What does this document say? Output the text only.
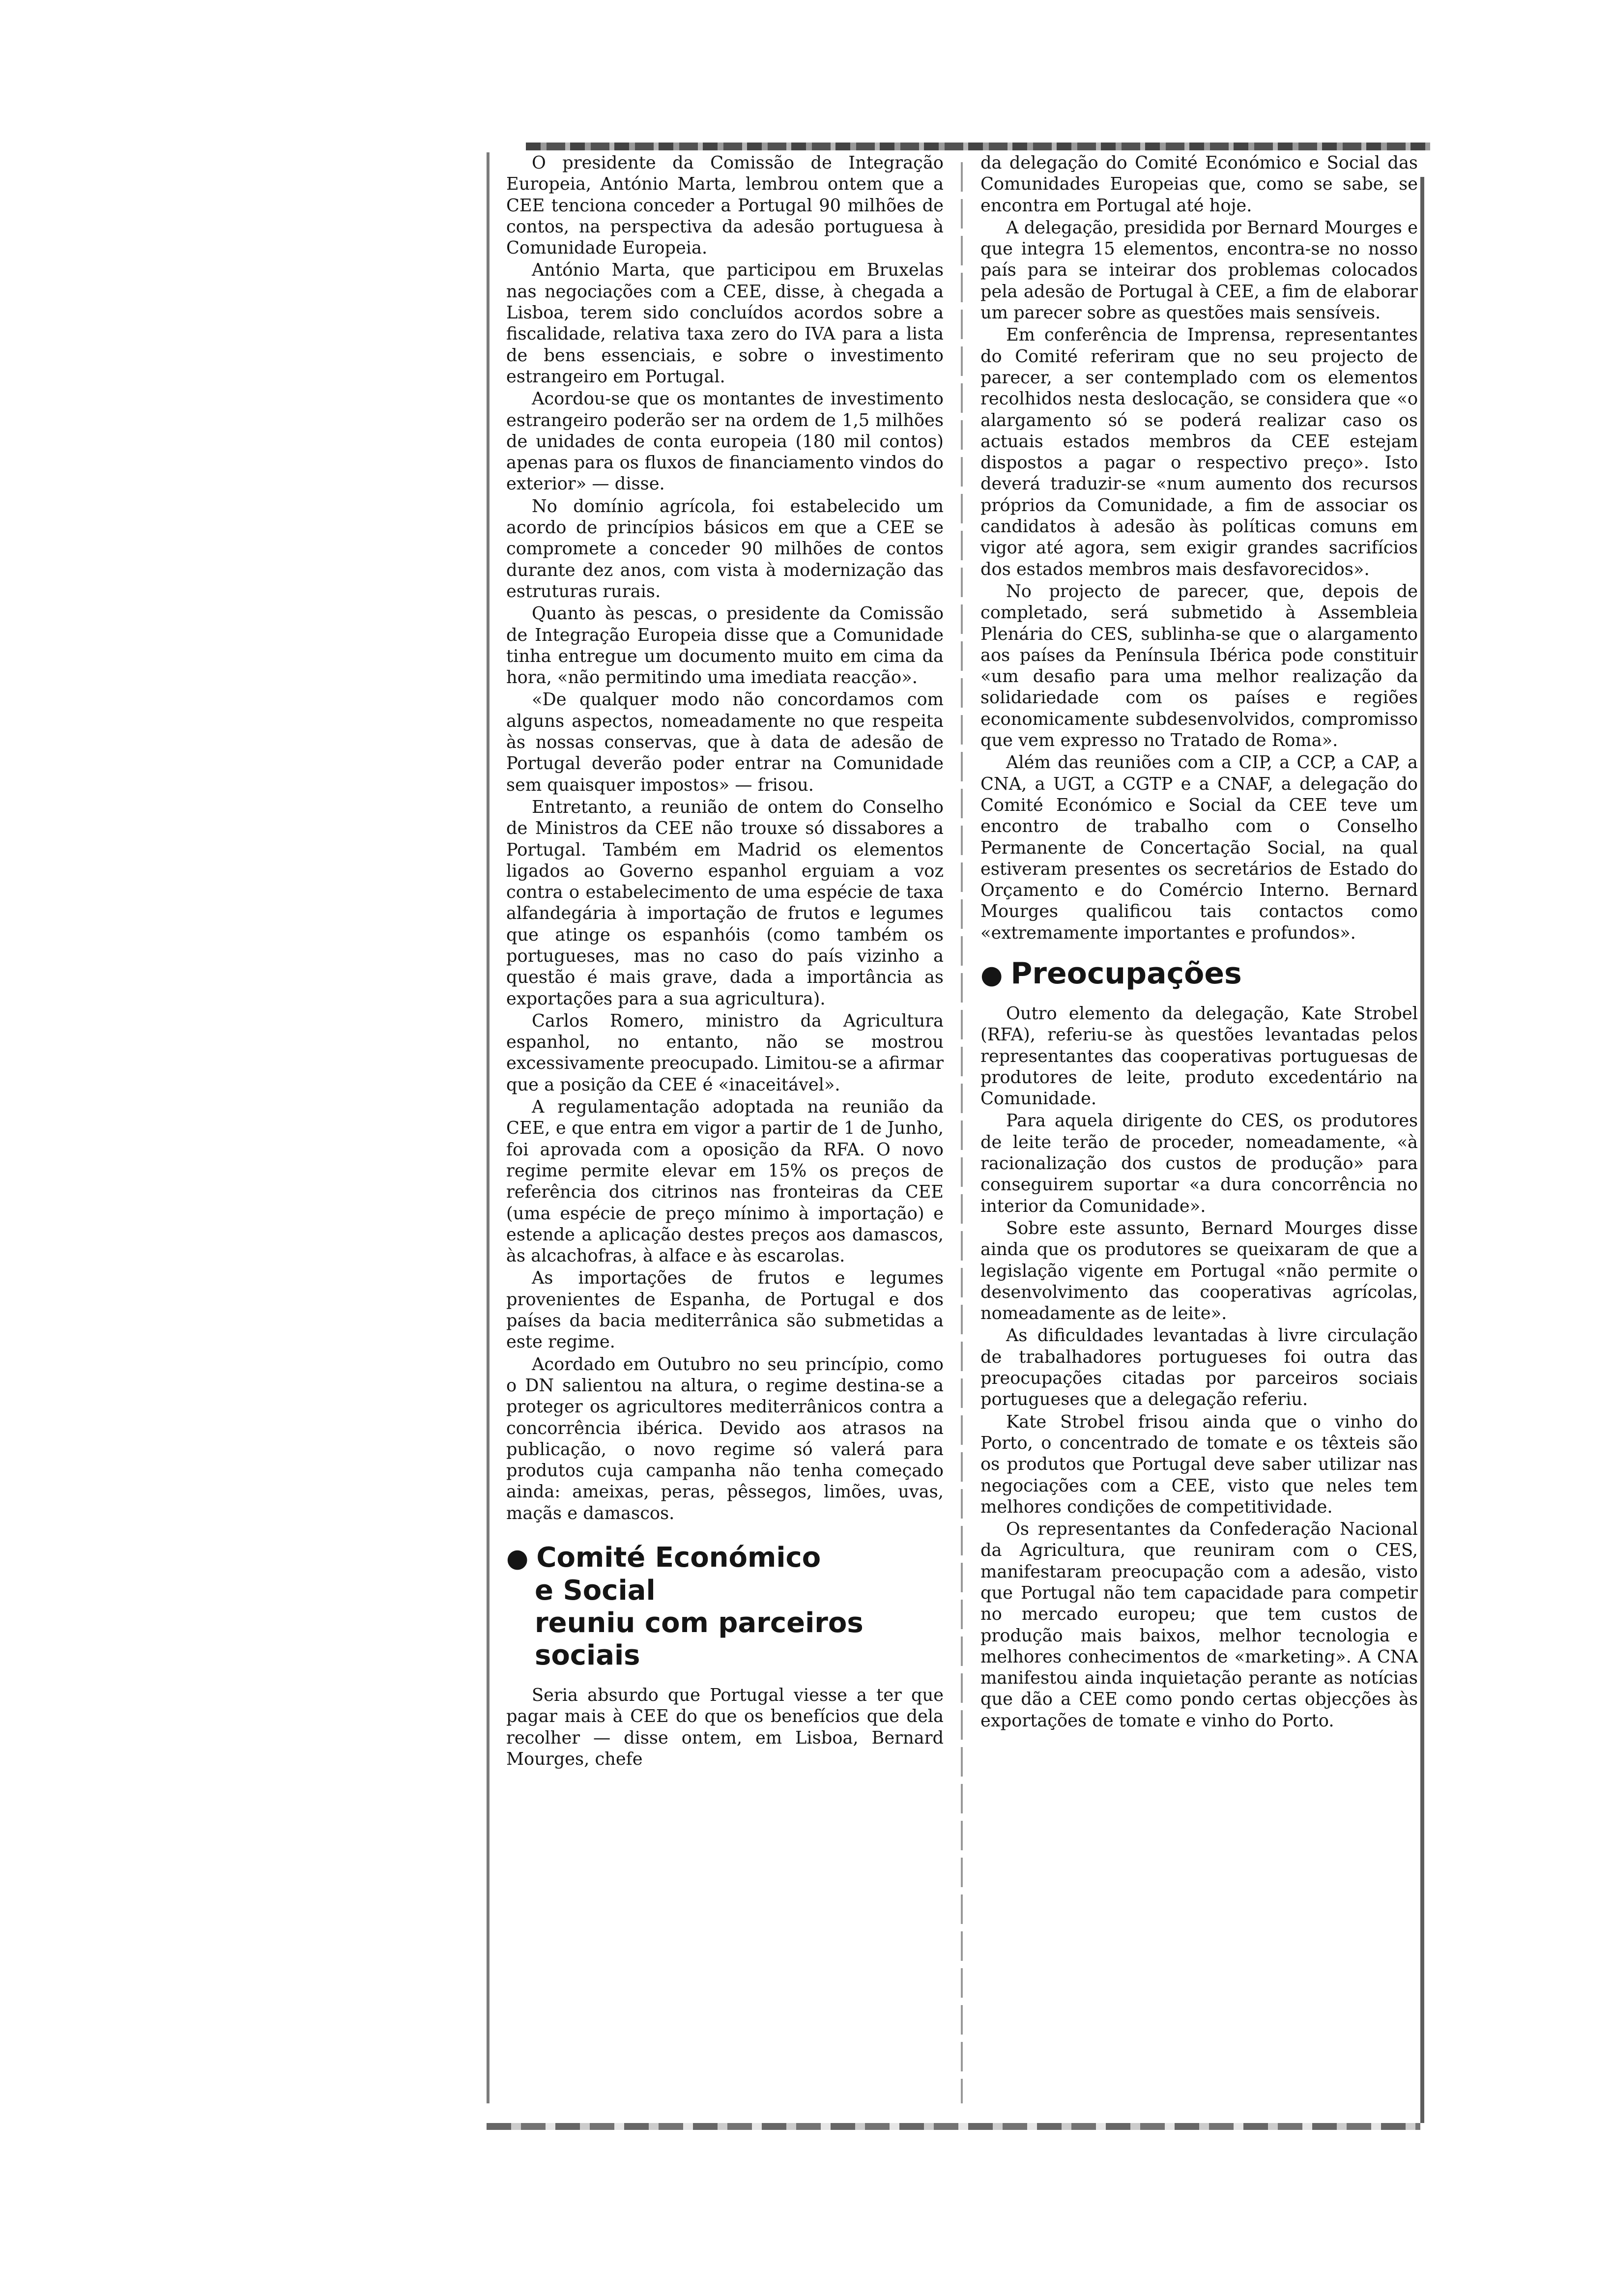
O presidente da Comissão de Integração Europeia, António Marta, lembrou ontem que a CEE tenciona conceder a Portugal 90 milhões de contos, na perspectiva da adesão portuguesa à Comunidade Europeia.

António Marta, que participou em Bruxelas nas negociações com a CEE, disse, à chegada a Lisboa, terem sido concluídos acordos sobre a fiscalidade, relativa taxa zero do IVA para a lista de bens essenciais, e sobre o investimento estrangeiro em Portugal.

Acordou-se que os montantes de investimento estrangeiro poderão ser na ordem de 1,5 milhões de unidades de conta europeia (180 mil contos) apenas para os fluxos de financiamento vindos do exterior» — disse.

No domínio agrícola, foi estabelecido um acordo de princípios básicos em que a CEE se compromete a conceder 90 milhões de contos durante dez anos, com vista à modernização das estruturas rurais.

Quanto às pescas, o presidente da Comissão de Integração Europeia disse que a Comunidade tinha entregue um documento muito em cima da hora, «não permitindo uma imediata reacção».

«De qualquer modo não concordamos com alguns aspectos, nomeadamente no que respeita às nossas conservas, que à data de adesão de Portugal deverão poder entrar na Comunidade sem quaisquer impostos» — frisou.

Entretanto, a reunião de ontem do Conselho de Ministros da CEE não trouxe só dissabores a Portugal. Também em Madrid os elementos ligados ao Governo espanhol erguiam a voz contra o estabelecimento de uma espécie de taxa alfandegária à importação de frutos e legumes que atinge os espanhóis (como também os portugueses, mas no caso do país vizinho a questão é mais grave, dada a importância as exportações para a sua agricultura).

Carlos Romero, ministro da Agricultura espanhol, no entanto, não se mostrou excessivamente preocupado. Limitou-se a afirmar que a posição da CEE é «inaceitável».

A regulamentação adoptada na reunião da CEE, e que entra em vigor a partir de 1 de Junho, foi aprovada com a oposição da RFA. O novo regime permite elevar em 15% os preços de referência dos citrinos nas fronteiras da CEE (uma espécie de preço mínimo à importação) e estende a aplicação destes preços aos damascos, às alcachofras, à alface e às escarolas.

As importações de frutos e legumes provenientes de Espanha, de Portugal e dos países da bacia mediterrânica são submetidas a este regime.

Acordado em Outubro no seu princípio, como o DN salientou na altura, o regime destina-se a proteger os agricultores mediterrânicos contra a concorrência ibérica. Devido aos atrasos na publicação, o novo regime só valerá para produtos cuja campanha não tenha começado ainda: ameixas, peras, pêssegos, limões, uvas, maçãs e damascos.

● Comité Económico
e Social
reuniu com parceiros
sociais

Seria absurdo que Portugal viesse a ter que pagar mais à CEE do que os benefícios que dela recolher — disse ontem, em Lisboa, Bernard Mourges, chefe

da delegação do Comité Económico e Social das Comunidades Europeias que, como se sabe, se encontra em Portugal até hoje.

A delegação, presidida por Bernard Mourges e que integra 15 elementos, encontra-se no nosso país para se inteirar dos problemas colocados pela adesão de Portugal à CEE, a fim de elaborar um parecer sobre as questões mais sensíveis.

Em conferência de Imprensa, representantes do Comité referiram que no seu projecto de parecer, a ser contemplado com os elementos recolhidos nesta deslocação, se considera que «o alargamento só se poderá realizar caso os actuais estados membros da CEE estejam dispostos a pagar o respectivo preço». Isto deverá traduzir-se «num aumento dos recursos próprios da Comunidade, a fim de associar os candidatos à adesão às políticas comuns em vigor até agora, sem exigir grandes sacrifícios dos estados membros mais desfavorecidos».

No projecto de parecer, que, depois de completado, será submetido à Assembleia Plenária do CES, sublinha-se que o alargamento aos países da Península Ibérica pode constituir «um desafio para uma melhor realização da solidariedade com os países e regiões economicamente subdesenvolvidos, compromisso que vem expresso no Tratado de Roma».

Além das reuniões com a CIP, a CCP, a CAP, a CNA, a UGT, a CGTP e a CNAF, a delegação do Comité Económico e Social da CEE teve um encontro de trabalho com o Conselho Permanente de Concertação Social, na qual estiveram presentes os secretários de Estado do Orçamento e do Comércio Interno. Bernard Mourges qualificou tais contactos como «extremamente importantes e profundos».

● Preocupações

Outro elemento da delegação, Kate Strobel (RFA), referiu-se às questões levantadas pelos representantes das cooperativas portuguesas de produtores de leite, produto excedentário na Comunidade.

Para aquela dirigente do CES, os produtores de leite terão de proceder, nomeadamente, «à racionalização dos custos de produção» para conseguirem suportar «a dura concorrência no interior da Comunidade».

Sobre este assunto, Bernard Mourges disse ainda que os produtores se queixaram de que a legislação vigente em Portugal «não permite o desenvolvimento das cooperativas agrícolas, nomeadamente as de leite».

As dificuldades levantadas à livre circulação de trabalhadores portugueses foi outra das preocupações citadas por parceiros sociais portugueses que a delegação referiu.

Kate Strobel frisou ainda que o vinho do Porto, o concentrado de tomate e os têxteis são os produtos que Portugal deve saber utilizar nas negociações com a CEE, visto que neles tem melhores condições de competitividade.

Os representantes da Confederação Nacional da Agricultura, que reuniram com o CES, manifestaram preocupação com a adesão, visto que Portugal não tem capacidade para competir no mercado europeu; que tem custos de produção mais baixos, melhor tecnologia e melhores conhecimentos de «marketing». A CNA manifestou ainda inquietação perante as notícias que dão a CEE como pondo certas objecções às exportações de tomate e vinho do Porto.
